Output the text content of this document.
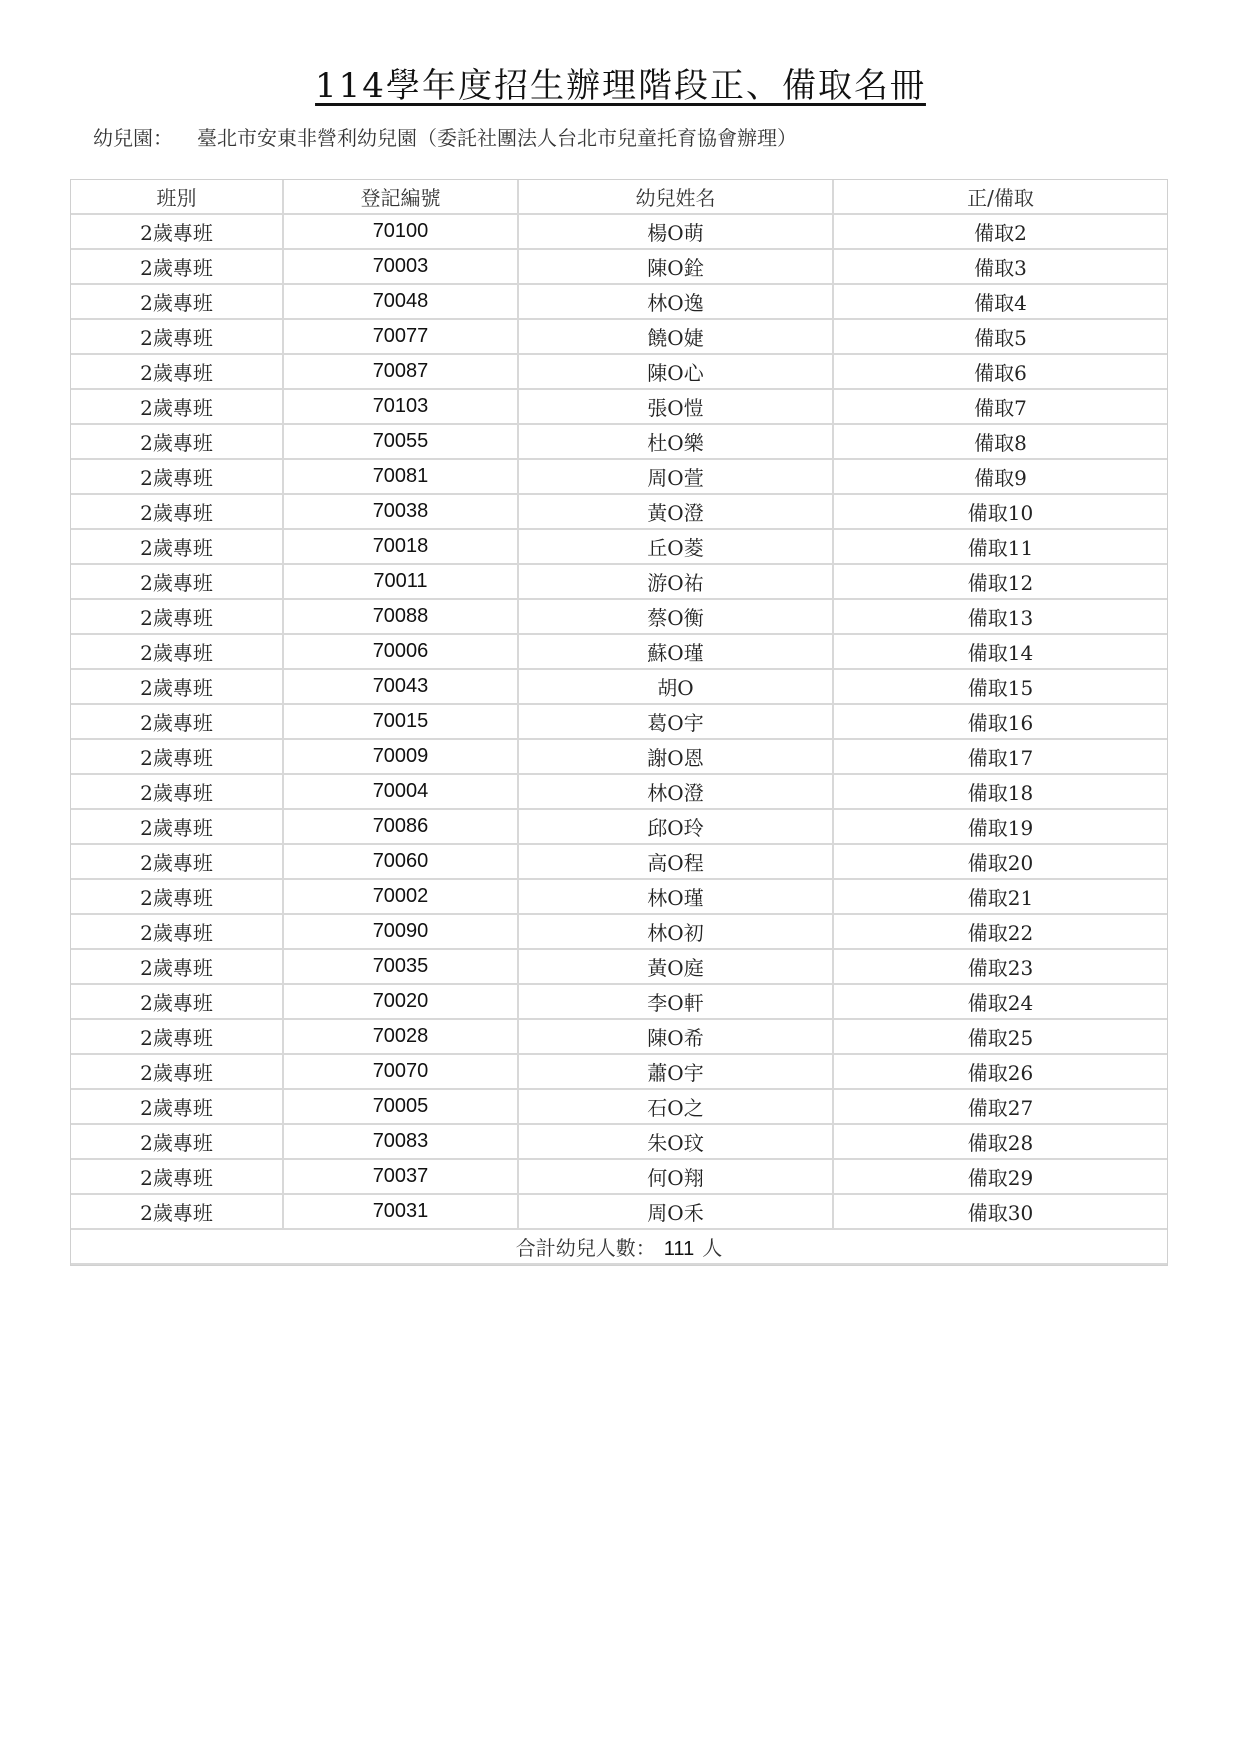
114學年度招生辦理階段正、備取名冊
幼兒園： 臺北市安東非營利幼兒園（委託社團法人台北市兒童托育協會辦理）
班別	登記編號	幼兒姓名	正/備取
2歲專班	70100	楊O萌	備取2
2歲專班	70003	陳O銓	備取3
2歲專班	70048	林O逸	備取4
2歲專班	70077	饒O婕	備取5
2歲專班	70087	陳O心	備取6
2歲專班	70103	張O愷	備取7
2歲專班	70055	杜O樂	備取8
2歲專班	70081	周O萱	備取9
2歲專班	70038	黃O澄	備取10
2歲專班	70018	丘O菱	備取11
2歲專班	70011	游O祐	備取12
2歲專班	70088	蔡O衡	備取13
2歲專班	70006	蘇O瑾	備取14
2歲專班	70043	胡O	備取15
2歲專班	70015	葛O宇	備取16
2歲專班	70009	謝O恩	備取17
2歲專班	70004	林O澄	備取18
2歲專班	70086	邱O玲	備取19
2歲專班	70060	高O程	備取20
2歲專班	70002	林O瑾	備取21
2歲專班	70090	林O初	備取22
2歲專班	70035	黃O庭	備取23
2歲專班	70020	李O軒	備取24
2歲專班	70028	陳O希	備取25
2歲專班	70070	蕭O宇	備取26
2歲專班	70005	石O之	備取27
2歲專班	70083	朱O玟	備取28
2歲專班	70037	何O翔	備取29
2歲專班	70031	周O禾	備取30
合計幼兒人數： 111 人			
